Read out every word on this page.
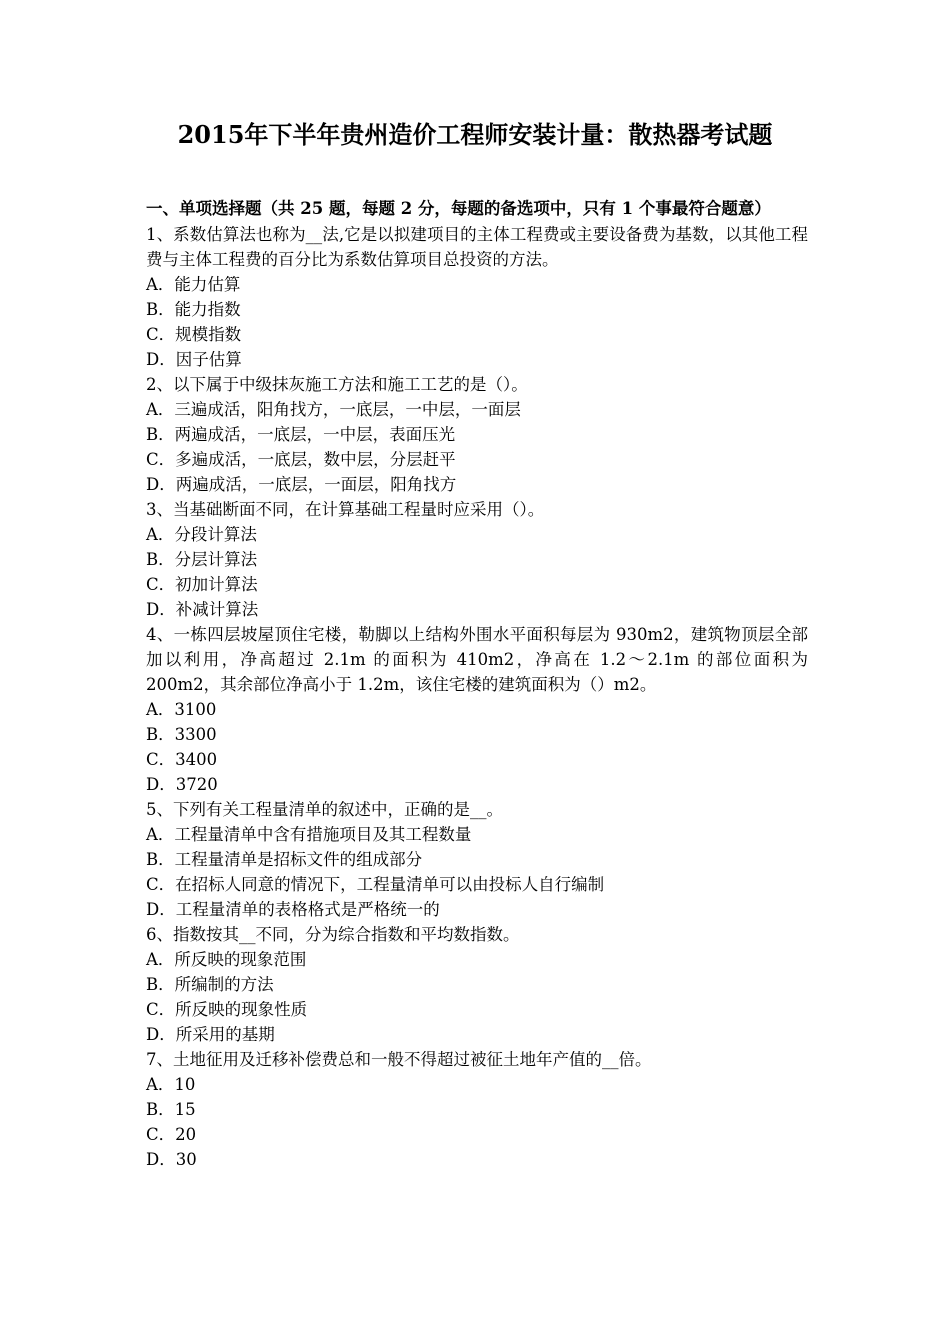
2015年下半年贵州造价工程师安装计量：散热器考试题

一、单项选择题（共 25 题，每题 2 分，每题的备选项中，只有 1 个事最符合题意）

1、系数估算法也称为__法,它是以拟建项目的主体工程费或主要设备费为基数，以其他工程费与主体工程费的百分比为系数估算项目总投资的方法。

A．能力估算

B．能力指数

C．规模指数

D．因子估算

2、以下属于中级抹灰施工方法和施工工艺的是（）。

A．三遍成活，阳角找方，一底层，一中层，一面层

B．两遍成活，一底层，一中层，表面压光

C．多遍成活，一底层，数中层，分层赶平

D．两遍成活，一底层，一面层，阳角找方

3、当基础断面不同，在计算基础工程量时应采用（）。

A．分段计算法

B．分层计算法

C．初加计算法

D．补减计算法

4、一栋四层坡屋顶住宅楼，勒脚以上结构外围水平面积每层为 930m2，建筑物顶层全部加以利用，净高超过 2.1m 的面积为 410m2，净高在 1.2～2.1m 的部位面积为 200m2，其余部位净高小于 1.2m，该住宅楼的建筑面积为（）m2。

A．3100

B．3300

C．3400

D．3720

5、下列有关工程量清单的叙述中，正确的是__。

A．工程量清单中含有措施项目及其工程数量

B．工程量清单是招标文件的组成部分

C．在招标人同意的情况下，工程量清单可以由投标人自行编制

D．工程量清单的表格格式是严格统一的

6、指数按其__不同，分为综合指数和平均数指数。

A．所反映的现象范围

B．所编制的方法

C．所反映的现象性质

D．所采用的基期

7、土地征用及迁移补偿费总和一般不得超过被征土地年产值的__倍。

A．10

B．15

C．20

D．30
